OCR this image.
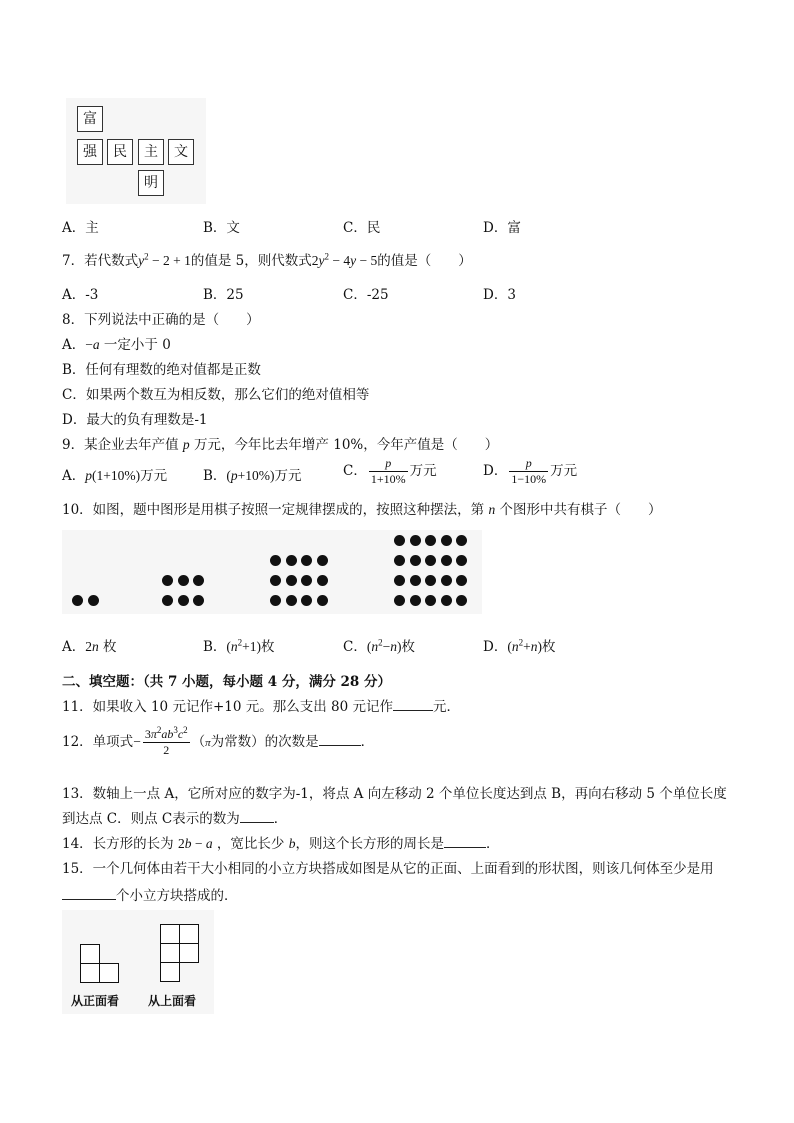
富
强	民	主	文
明
A．主	B．文	C．民	D．富
7．若代数式$y^2 - 2 + 1$的值是 5，则代数式$2y^2 - 4y - 5$的值是（　　）
A．-3	B．25	C．-25	D．3
8．下列说法中正确的是（　　）
A．−a 一定小于 0
B．任何有理数的绝对值都是正数
C．如果两个数互为相反数，那么它们的绝对值相等
D．最大的负有理数是-1
9．某企业去年产值 p 万元，今年比去年增产 10%，今年产值是（　　）
A．p(1+10%)万元	B．(p+10%)万元	C． $\frac{p}{1+10\%}$ 万元	D． $\frac{p}{1-10\%}$ 万元
10．如图，题中图形是用棋子按照一定规律摆成的，按照这种摆法，第 n 个图形中共有棋子（　　）
A．2n 枚	B．$(n^2+1)$枚	C．$(n^2-n)$枚	D．$(n^2+n)$枚
二、填空题：（共 7 小题，每小题 4 分，满分 28 分）
11．如果收入 10 元记作+10 元。那么支出 80 元记作	元．
12．单项式− $\frac{3\pi^2ab^3c^2}{2} (\pi$为常数）的次数是	．
13．数轴上一点 A，它所对应的数字为-1，将点 A 向左移动 2 个单位长度达到点 B，再向右移动 5 个单位长度
到达点 C．则点 C表示的数为	．
14．长方形的长为 2b − a ，宽比长少 b，则这个长方形的周长是	．
15．一个几何体由若干大小相同的小立方块搭成如图是从它的正面、上面看到的形状图，则该几何体至少是用
个小立方块搭成的．
从正面看 从上面看
